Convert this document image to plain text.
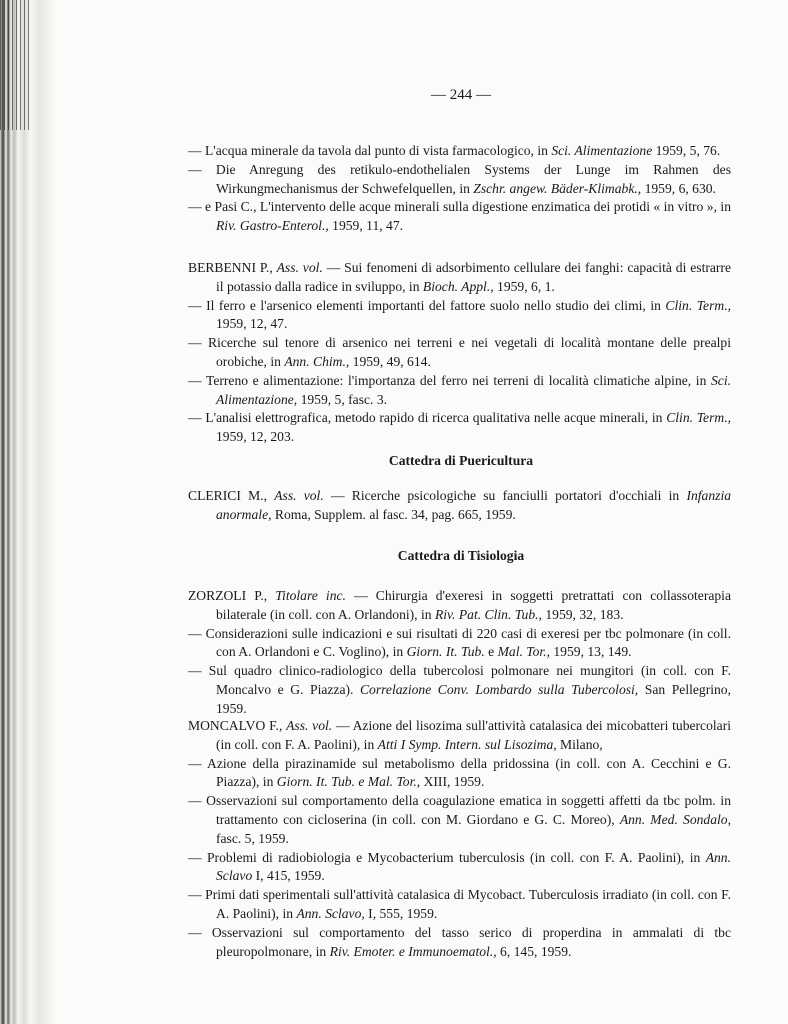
— 244 —

— L'acqua minerale da tavola dal punto di vista farmacologico, in Sci. Alimentazione 1959, 5, 76.

— Die Anregung des retikulo-endothelialen Systems der Lunge im Rahmen des Wirkungmechanismus der Schwefelquellen, in Zschr. angew. Bäder-Klimabk., 1959, 6, 630.

— e Pasi C., L'intervento delle acque minerali sulla digestione enzimatica dei protidi « in vitro », in Riv. Gastro-Enterol., 1959, 11, 47.

BERBENNI P., Ass. vol. — Sui fenomeni di adsorbimento cellulare dei fanghi: capacità di estrarre il potassio dalla radice in sviluppo, in Bioch. Appl., 1959, 6, 1.

— Il ferro e l'arsenico elementi importanti del fattore suolo nello studio dei climi, in Clin. Term., 1959, 12, 47.

— Ricerche sul tenore di arsenico nei terreni e nei vegetali di località montane delle prealpi orobiche, in Ann. Chim., 1959, 49, 614.

— Terreno e alimentazione: l'importanza del ferro nei terreni di località climatiche alpine, in Sci. Alimentazione, 1959, 5, fasc. 3.

— L'analisi elettrografica, metodo rapido di ricerca qualitativa nelle acque minerali, in Clin. Term., 1959, 12, 203.

Cattedra di Puericultura

CLERICI M., Ass. vol. — Ricerche psicologiche su fanciulli portatori d'occhiali in Infanzia anormale, Roma, Supplem. al fasc. 34, pag. 665, 1959.

Cattedra di Tisiologia

ZORZOLI P., Titolare inc. — Chirurgia d'exeresi in soggetti pretrattati con collassoterapia bilaterale (in coll. con A. Orlandoni), in Riv. Pat. Clin. Tub., 1959, 32, 183.

— Considerazioni sulle indicazioni e sui risultati di 220 casi di exeresi per tbc polmonare (in coll. con A. Orlandoni e C. Voglino), in Giorn. It. Tub. e Mal. Tor., 1959, 13, 149.

— Sul quadro clinico-radiologico della tubercolosi polmonare nei mungitori (in coll. con F. Moncalvo e G. Piazza). Correlazione Conv. Lombardo sulla Tubercolosi, San Pellegrino, 1959.

MONCALVO F., Ass. vol. — Azione del lisozima sull'attività catalasica dei micobatteri tubercolari (in coll. con F. A. Paolini), in Atti I Symp. Intern. sul Lisozima, Milano,

— Azione della pirazinamide sul metabolismo della pridossina (in coll. con A. Cecchini e G. Piazza), in Giorn. It. Tub. e Mal. Tor., XIII, 1959.

— Osservazioni sul comportamento della coagulazione ematica in soggetti affetti da tbc polm. in trattamento con cicloserina (in coll. con M. Giordano e G. C. Moreo), Ann. Med. Sondalo, fasc. 5, 1959.

— Problemi di radiobiologia e Mycobacterium tuberculosis (in coll. con F. A. Paolini), in Ann. Sclavo I, 415, 1959.

— Primi dati sperimentali sull'attività catalasica di Mycobact. Tuberculosis irradiato (in coll. con F. A. Paolini), in Ann. Sclavo, I, 555, 1959.

— Osservazioni sul comportamento del tasso serico di properdina in ammalati di tbc pleuropolmonare, in Riv. Emoter. e Immunoematol., 6, 145, 1959.
